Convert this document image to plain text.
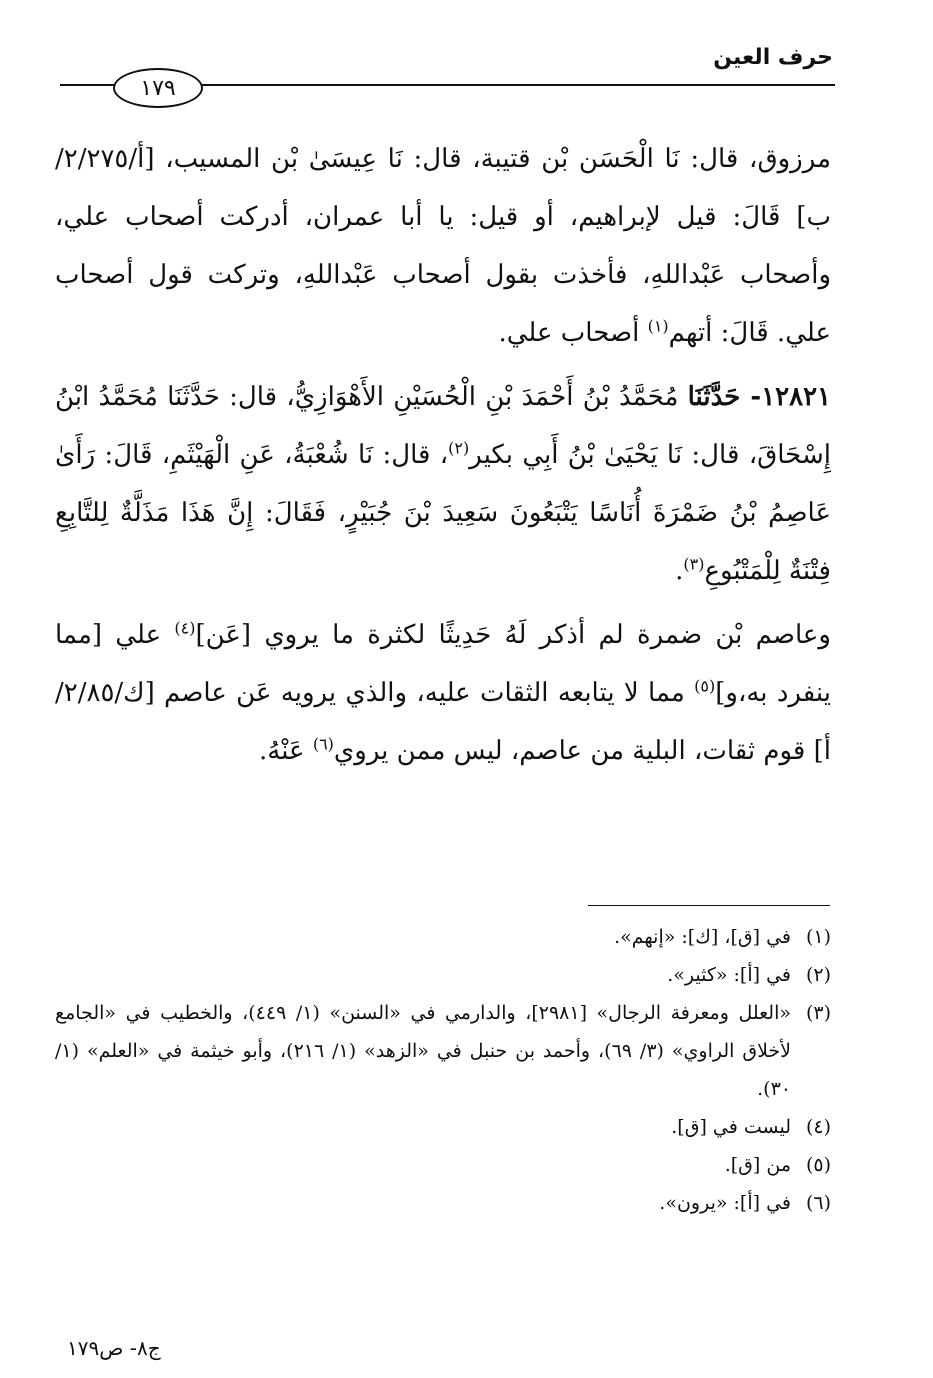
حرف العين
١٧٩

مرزوق، قال: نَا الْحَسَن بْن قتيبة، قال: نَا عِيسَىٰ بْن المسيب، [أ/٢/٢٧٥/ب] قَالَ: قيل لإبراهيم، أو قيل: يا أبا عمران، أدركت أصحاب علي، وأصحاب عَبْداللهِ، فأخذت بقول أصحاب عَبْداللهِ، وتركت قول أصحاب علي. قَالَ: أتهم$^{(١)}$ أصحاب علي.

١٢٨٢١- حَدَّثَنَا مُحَمَّدُ بْنُ أَحْمَدَ بْنِ الْحُسَيْنِ الأَهْوَازِيُّ، قال: حَدَّثَنَا مُحَمَّدُ ابْنُ إِسْحَاقَ، قال: نَا يَحْيَىٰ بْنُ أَبِي بكير$^{(٢)}$، قال: نَا شُعْبَةُ، عَنِ الْهَيْثَمِ، قَالَ: رَأَىٰ عَاصِمُ بْنُ ضَمْرَةَ أُنَاسًا يَتْبَعُونَ سَعِيدَ بْنَ جُبَيْرٍ، فَقَالَ: إِنَّ هَذَا مَذَلَّةٌ لِلتَّابِعِ فِتْنَةٌ لِلْمَتْبُوعِ$^{(٣)}$.

وعاصم بْن ضمرة لم أذكر لَهُ حَدِيثًا لكثرة ما يروي [عَن]$^{(٤)}$ علي [مما ينفرد به،و]$^{(٥)}$ مما لا يتابعه الثقات عليه، والذي يرويه عَن عاصم [ك/٢/٨٥/أ] قوم ثقات، البلية من عاصم، ليس ممن يروي$^{(٦)}$ عَنْهُ.

(١)
في [ق]، [ك]: «إنهم».
(٢)
في [أ]: «كثير».
(٣)
«العلل ومعرفة الرجال» [٢٩٨١]، والدارمي في «السنن» (١/ ٤٤٩)، والخطيب في «الجامع لأخلاق الراوي» (٣/ ٦٩)، وأحمد بن حنبل في «الزهد» (١/ ٢١٦)، وأبو خيثمة في «العلم» (١/ ٣٠).
(٤)
ليست في [ق].
(٥)
من [ق].
(٦)
في [أ]: «يرون».
ج٨- ص١٧٩
